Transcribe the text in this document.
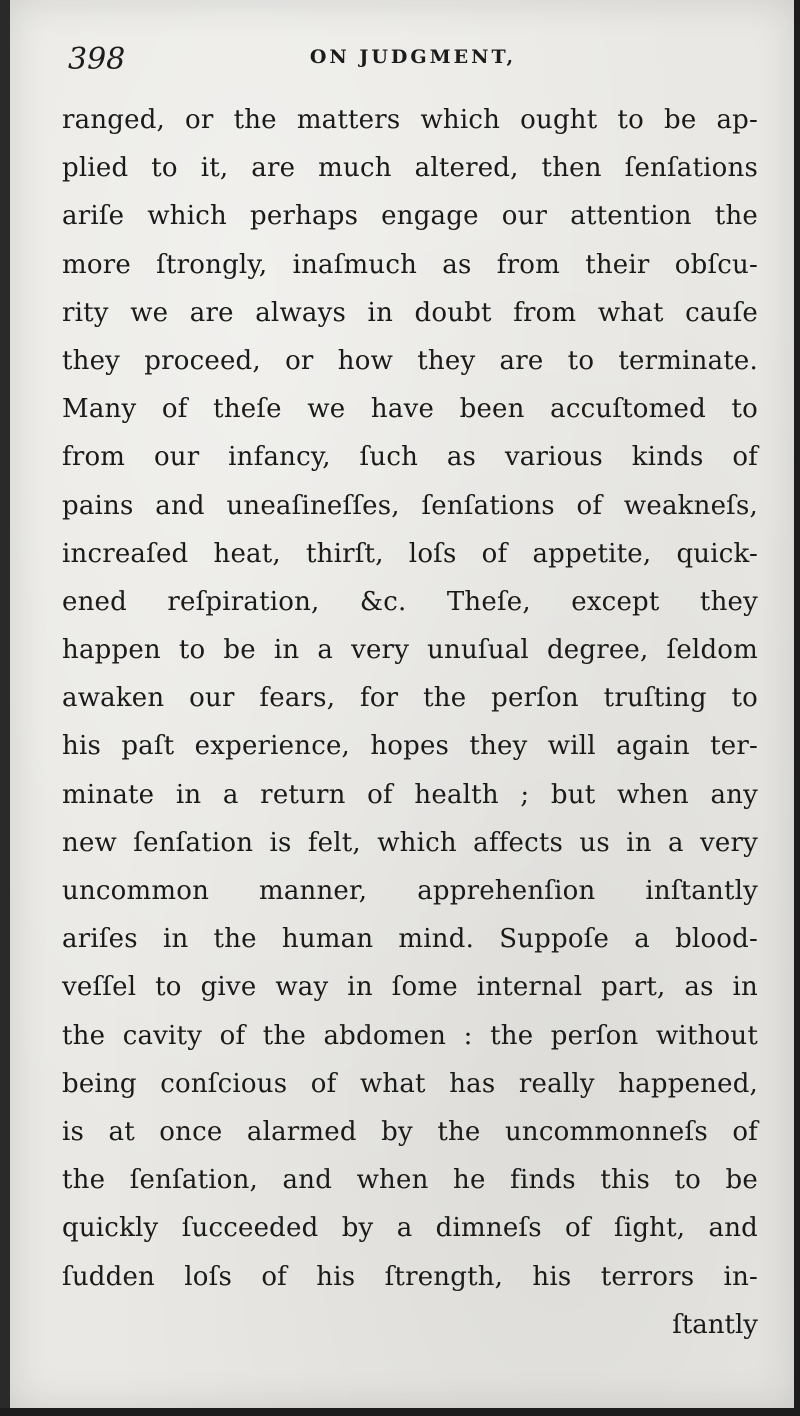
398	ON JUDGMENT,
ranged, or the matters which ought to be ap-
plied to it, are much altered, then ſenſations
ariſe which perhaps engage our attention the
more ſtrongly, inaſmuch as from their obſcu-
rity we are always in doubt from what cauſe
they proceed, or how they are to terminate.
Many of theſe we have been accuſtomed to
from our infancy, ſuch as various kinds of
pains and uneaſineſſes, ſenſations of weakneſs,
increaſed heat, thirſt, loſs of appetite, quick-
ened reſpiration, &c. Theſe, except they
happen to be in a very unuſual degree, ſeldom
awaken our fears, for the perſon truſting to
his paſt experience, hopes they will again ter-
minate in a return of health ; but when any
new ſenſation is felt, which affects us in a very
uncommon manner, apprehenſion inſtantly
ariſes in the human mind. Suppoſe a blood-
veſſel to give way in ſome internal part, as in
the cavity of the abdomen : the perſon without
being conſcious of what has really happened,
is at once alarmed by the uncommonneſs of
the ſenſation, and when he finds this to be
quickly ſucceeded by a dimneſs of ſight, and
ſudden loſs of his ſtrength, his terrors in-
ſtantly
